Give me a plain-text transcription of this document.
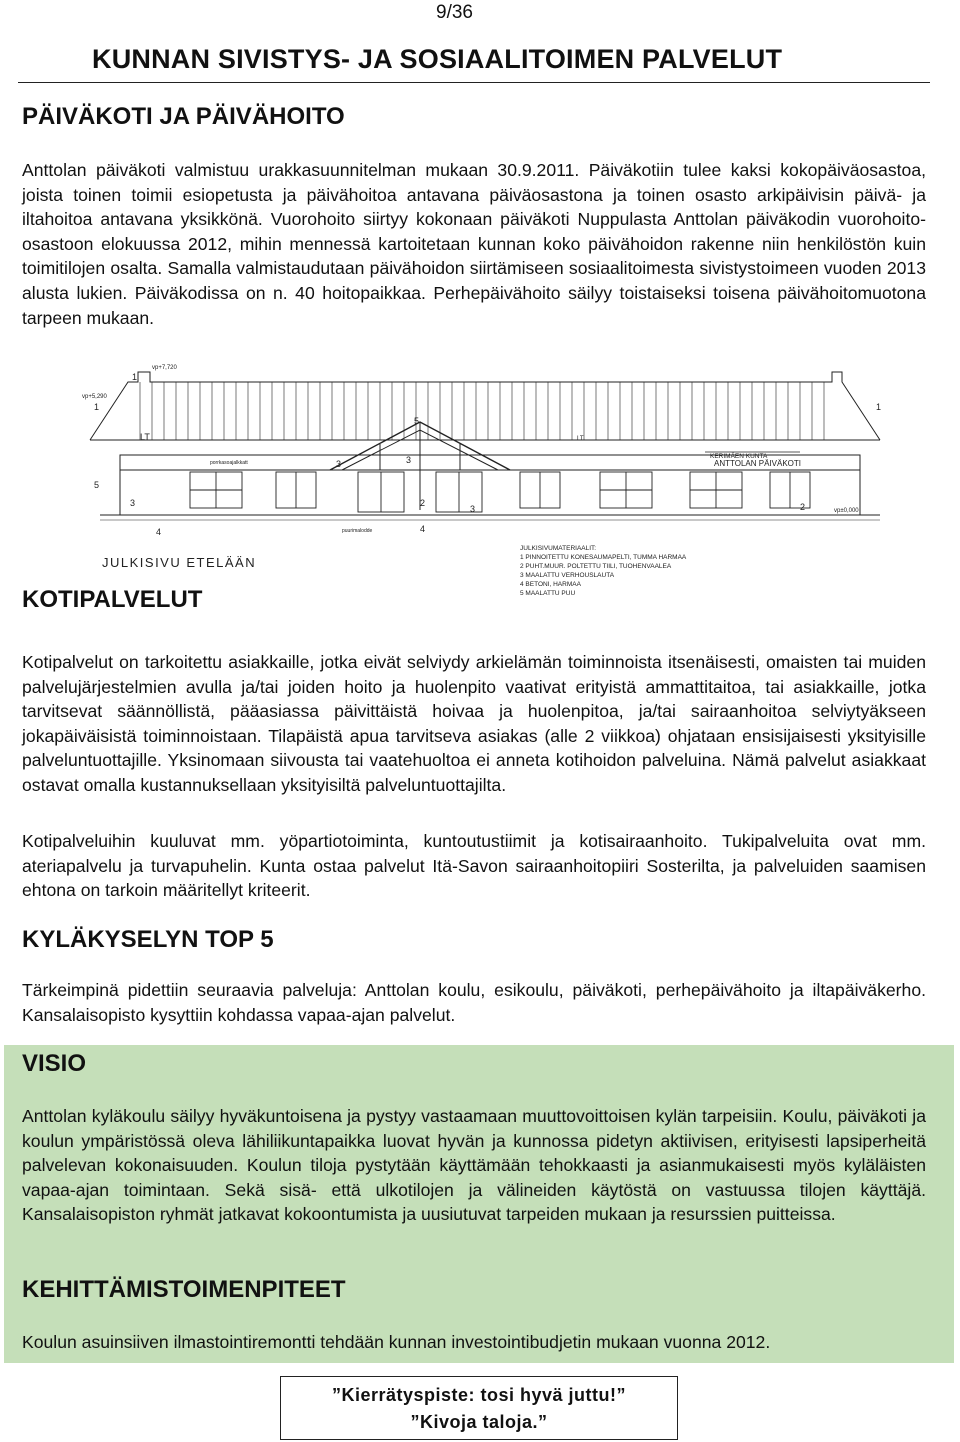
9/36
KUNNAN SIVISTYS- JA SOSIAALITOIMEN PALVELUT
PÄIVÄKOTI JA PÄIVÄHOITO

Anttolan päiväkoti valmistuu urakkasuunnitelman mukaan 30.9.2011. Päiväkotiin tulee kaksi kokopäiväosastoa, joista toinen toimii esiopetusta ja päivähoitoa antavana päiväosastona ja toinen osasto arkipäivisin päivä- ja iltahoitoa antavana yksikkönä. Vuorohoito siirtyy kokonaan päiväkoti Nuppulasta Anttolan päiväkodin vuorohoito-osastoon elokuussa 2012, mihin mennessä kartoitetaan kunnan koko päivähoidon rakenne niin henkilöstön kuin toimitilojen osalta. Samalla valmistaudutaan päivähoidon siirtämiseen sosiaalitoimesta sivistystoimeen vuoden 2013 alusta lukien. Päiväkodissa on n. 40 hoitopaikkaa. Perhepäivähoito säilyy toistaiseksi toisena päivähoitomuotona tarpeen mukaan.

vp+7,720
vp+5,290
LT	LT
1
1
1
5
5
3	3
3	2
3	2
4	4
vp±0,000
porrkasoajalkkatt
puurimalodde
KERIMÄEN KUNTA
ANTTOLAN PÄIVÄKOTI
JULKISIVU ETELÄÄN
JULKISIVUMATERIAALIT:
1 PINNOITETTU KONESAUMAPELTI, TUMMA HARMAA
2 PUHT.MUUR. POLTETTU TIILI, TUOHENVAALEA
3 MAALATTU VERHOUSLAUTA
4 BETONI, HARMAA
5 MAALATTU PUU
KOTIPALVELUT

Kotipalvelut on tarkoitettu asiakkaille, jotka eivät selviydy arkielämän toiminnoista itsenäisesti, omaisten tai muiden palvelujärjestelmien avulla ja/tai joiden hoito ja huolenpito vaativat erityistä ammattitaitoa, tai asiakkaille, jotka tarvitsevat säännöllistä, pääasiassa päivittäistä hoivaa ja huolenpitoa, ja/tai sairaanhoitoa selviytyäkseen jokapäiväisistä toiminnoistaan. Tilapäistä apua tarvitseva asiakas (alle 2 viikkoa) ohjataan ensisijaisesti yksityisille palveluntuottajille. Yksinomaan siivousta tai vaatehuoltoa ei anneta kotihoidon palveluina. Nämä palvelut asiakkaat ostavat omalla kustannuksellaan yksityisiltä palveluntuottajilta.

Kotipalveluihin kuuluvat mm. yöpartiotoiminta, kuntoutustiimit ja kotisairaanhoito. Tukipalveluita ovat mm. ateriapalvelu ja turvapuhelin. Kunta ostaa palvelut Itä-Savon sairaanhoitopiiri Sosterilta, ja palveluiden saamisen ehtona on tarkoin määritellyt kriteerit.

KYLÄKYSELYN TOP 5

Tärkeimpinä pidettiin seuraavia palveluja: Anttolan koulu, esikoulu, päiväkoti, perhepäivähoito ja iltapäiväkerho. Kansalaisopisto kysyttiin kohdassa vapaa-ajan palvelut.

VISIO

Anttolan kyläkoulu säilyy hyväkuntoisena ja pystyy vastaamaan muuttovoittoisen kylän tarpeisiin. Koulu, päiväkoti ja koulun ympäristössä oleva lähiliikuntapaikka luovat hyvän ja kunnossa pidetyn aktiivisen, erityisesti lapsiperheitä palvelevan kokonaisuuden. Koulun tiloja pystytään käyttämään tehokkaasti ja asianmukaisesti myös kyläläisten vapaa-ajan toimintaan. Sekä sisä- että ulkotilojen ja välineiden käytöstä on vastuussa tilojen käyttäjä. Kansalaisopiston ryhmät jatkavat kokoontumista ja uusiutuvat tarpeiden mukaan ja resurssien puitteissa.

KEHITTÄMISTOIMENPITEET

Koulun asuinsiiven ilmastointiremontti tehdään kunnan investointibudjetin mukaan vuonna 2012.

”Kierrätyspiste: tosi hyvä juttu!”
”Kivoja taloja.”
